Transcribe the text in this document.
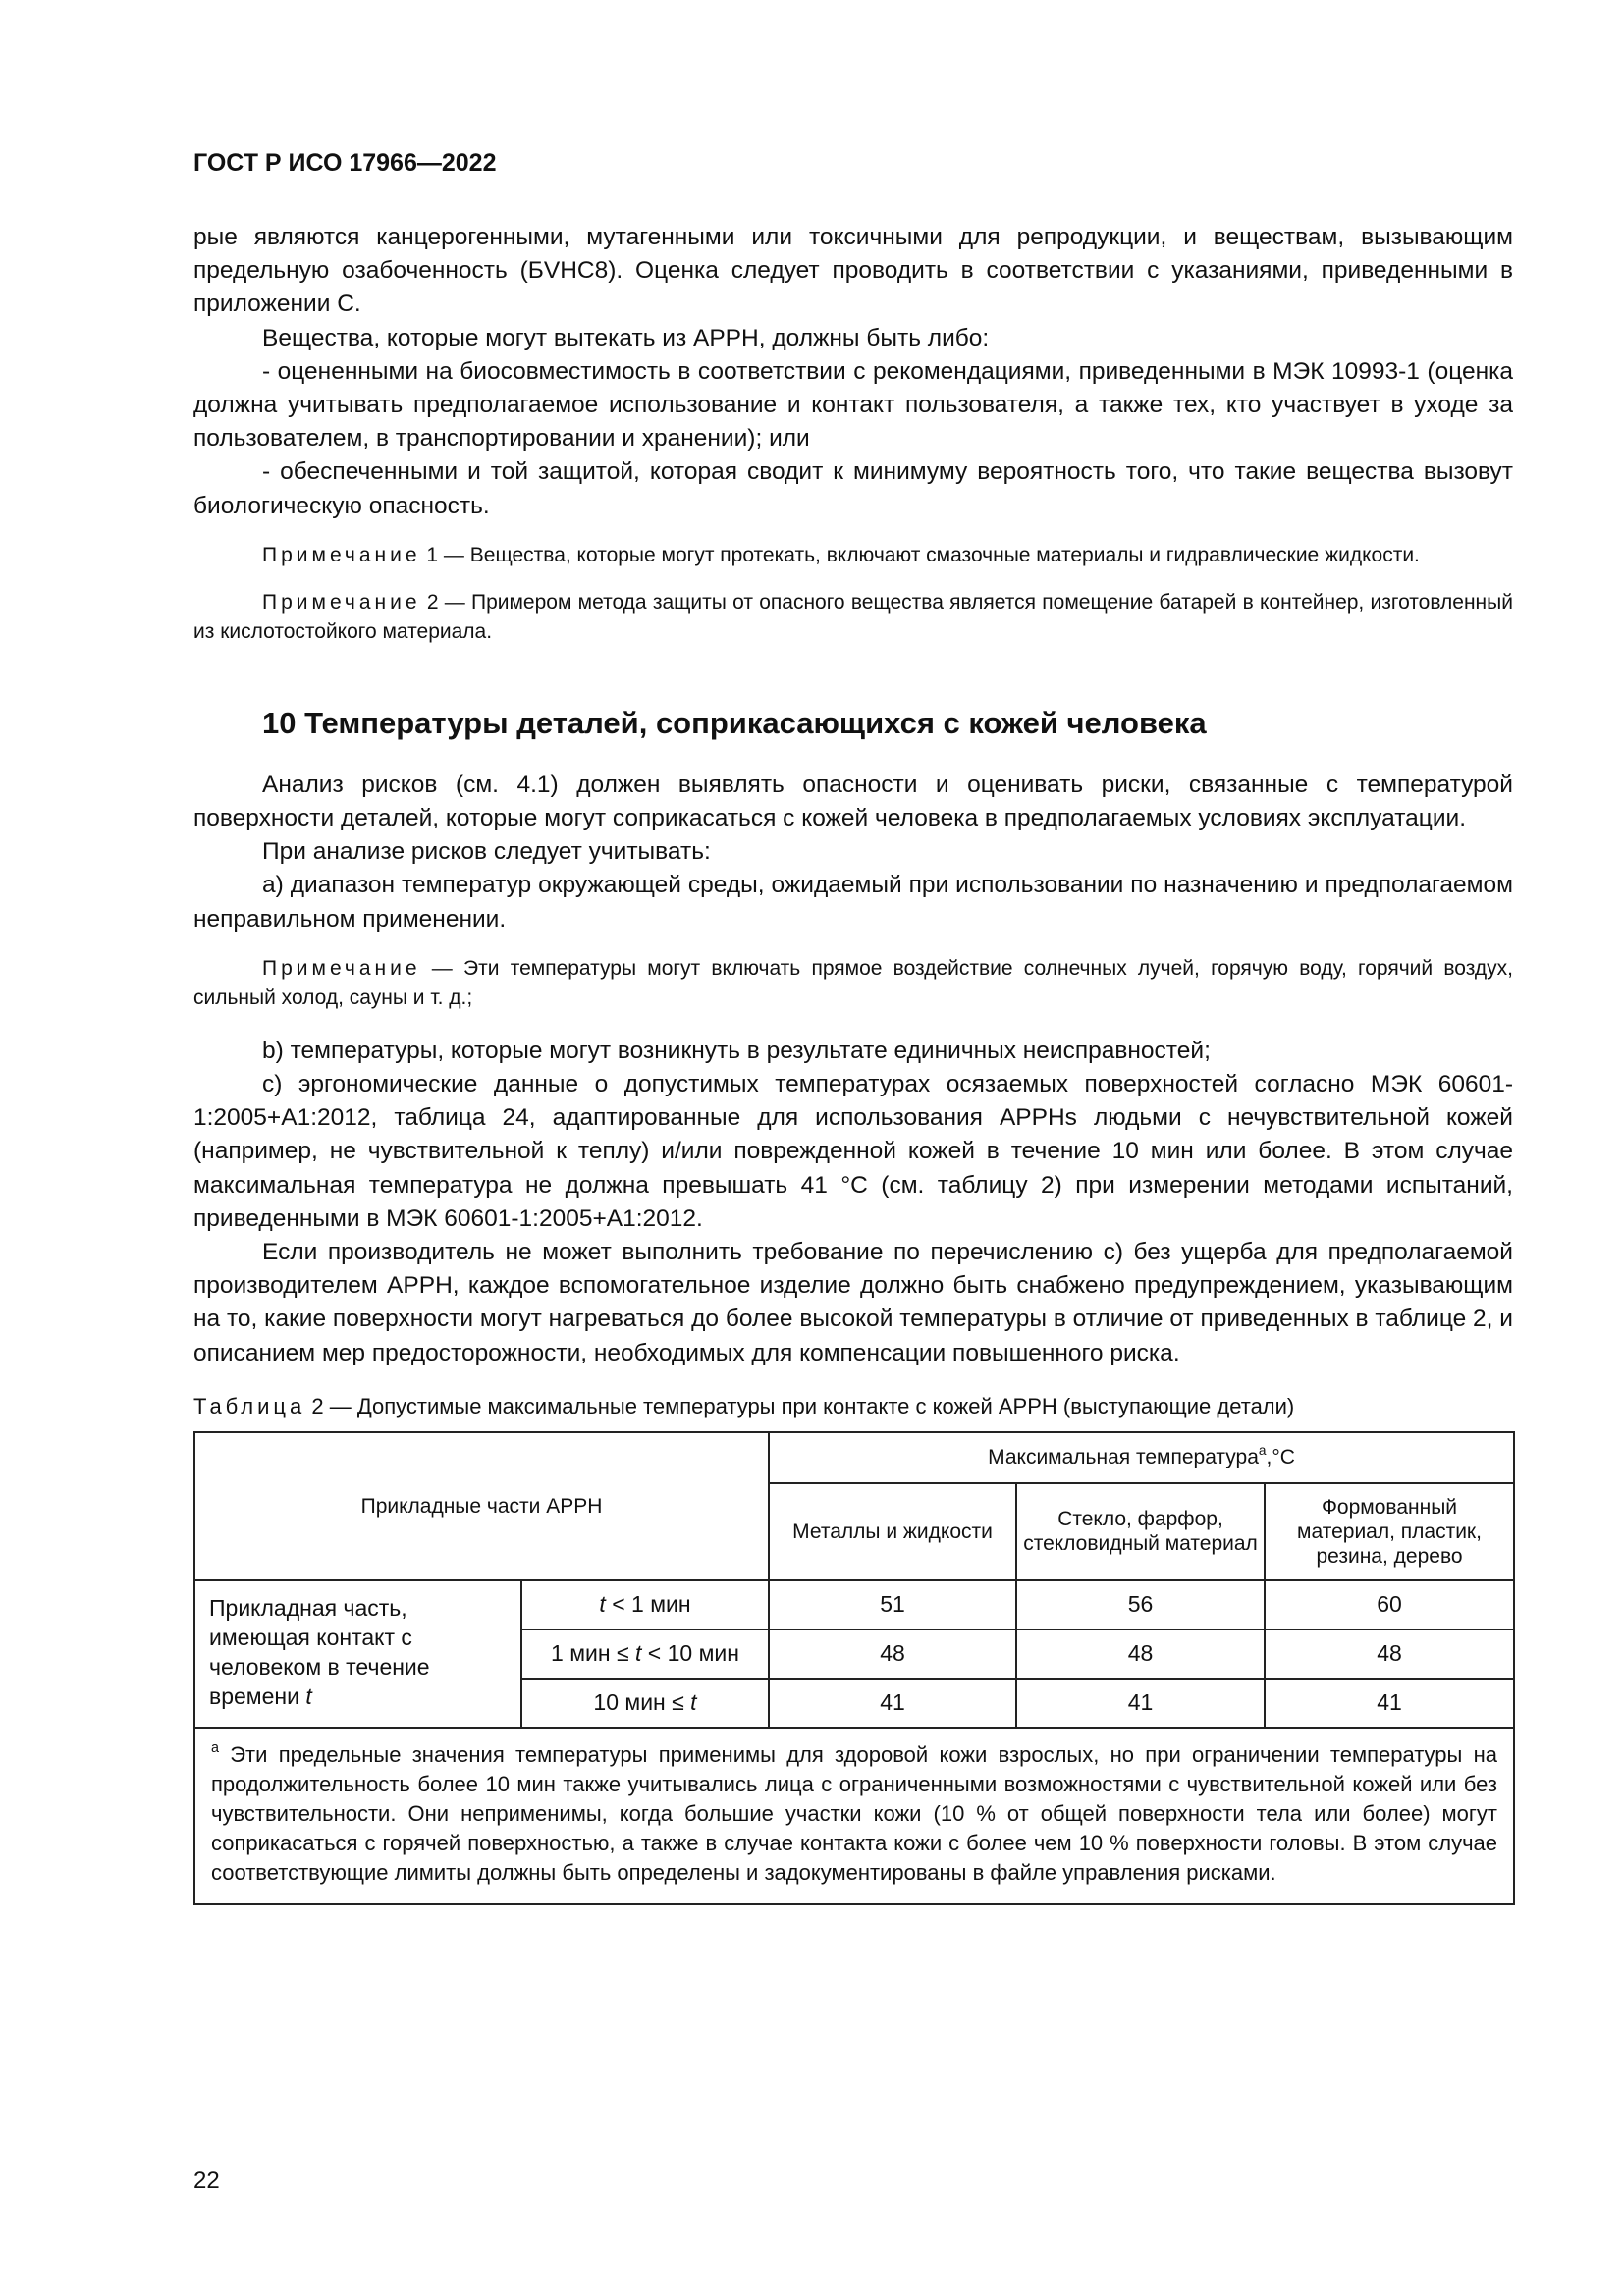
ГОСТ Р ИСО 17966—2022

рые являются канцерогенными, мутагенными или токсичными для репродукции, и веществам, вызывающим предельную озабоченность (БVHC8). Оценка следует проводить в соответствии с указаниями, приведенными в приложении С.

Вещества, которые могут вытекать из АРРН, должны быть либо:

- оцененными на биосовместимость в соответствии с рекомендациями, приведенными в МЭК 10993-1 (оценка должна учитывать предполагаемое использование и контакт пользователя, а также тех, кто участвует в уходе за пользователем, в транспортировании и хранении); или

- обеспеченными и той защитой, которая сводит к минимуму вероятность того, что такие вещества вызовут биологическую опасность.

Примечание 1 — Вещества, которые могут протекать, включают смазочные материалы и гидравлические жидкости.

Примечание 2 — Примером метода защиты от опасного вещества является помещение батарей в контейнер, изготовленный из кислотостойкого материала.

10 Температуры деталей, соприкасающихся с кожей человека

Анализ рисков (см. 4.1) должен выявлять опасности и оценивать риски, связанные с температурой поверхности деталей, которые могут соприкасаться с кожей человека в предполагаемых условиях эксплуатации.

При анализе рисков следует учитывать:

a) диапазон температур окружающей среды, ожидаемый при использовании по назначению и предполагаемом неправильном применении.

Примечание — Эти температуры могут включать прямое воздействие солнечных лучей, горячую воду, горячий воздух, сильный холод, сауны и т. д.;

b) температуры, которые могут возникнуть в результате единичных неисправностей;

c) эргономические данные о допустимых температурах осязаемых поверхностей согласно МЭК 60601-1:2005+А1:2012, таблица 24, адаптированные для использования APPHs людьми с нечувствительной кожей (например, не чувствительной к теплу) и/или поврежденной кожей в течение 10 мин или более. В этом случае максимальная температура не должна превышать 41 °С (см. таблицу 2) при измерении методами испытаний, приведенными в МЭК 60601-1:2005+А1:2012.

Если производитель не может выполнить требование по перечислению с) без ущерба для предполагаемой производителем АРРН, каждое вспомогательное изделие должно быть снабжено предупреждением, указывающим на то, какие поверхности могут нагреваться до более высокой температуры в отличие от приведенных в таблице 2, и описанием мер предосторожности, необходимых для компенсации повышенного риска.

Таблица 2 — Допустимые максимальные температуры при контакте с кожей АРРН (выступающие детали)

Прикладные части АРРН		Максимальная температура$^a$,°С		
		Металлы и жидкости	Стекло, фарфор, стекловидный материал	Формованный материал, пластик, резина, дерево
Прикладная часть, имеющая контакт с человеком в течение времени t	t < 1 мин	51	56	60
	1 мин ≤ t < 10 мин	48	48	48
	10 мин ≤ t	41	41	41
$^a$ Эти предельные значения температуры применимы для здоровой кожи взрослых, но при ограничении температуры на продолжительность более 10 мин также учитывались лица с ограниченными возможностями с чувствительной кожей или без чувствительности. Они неприменимы, когда большие участки кожи (10 % от общей поверхности тела или более) могут соприкасаться с горячей поверхностью, а также в случае контакта кожи с более чем 10 % поверхности головы. В этом случае соответствующие лимиты должны быть определены и задокументированы в файле управления рисками.				
22
